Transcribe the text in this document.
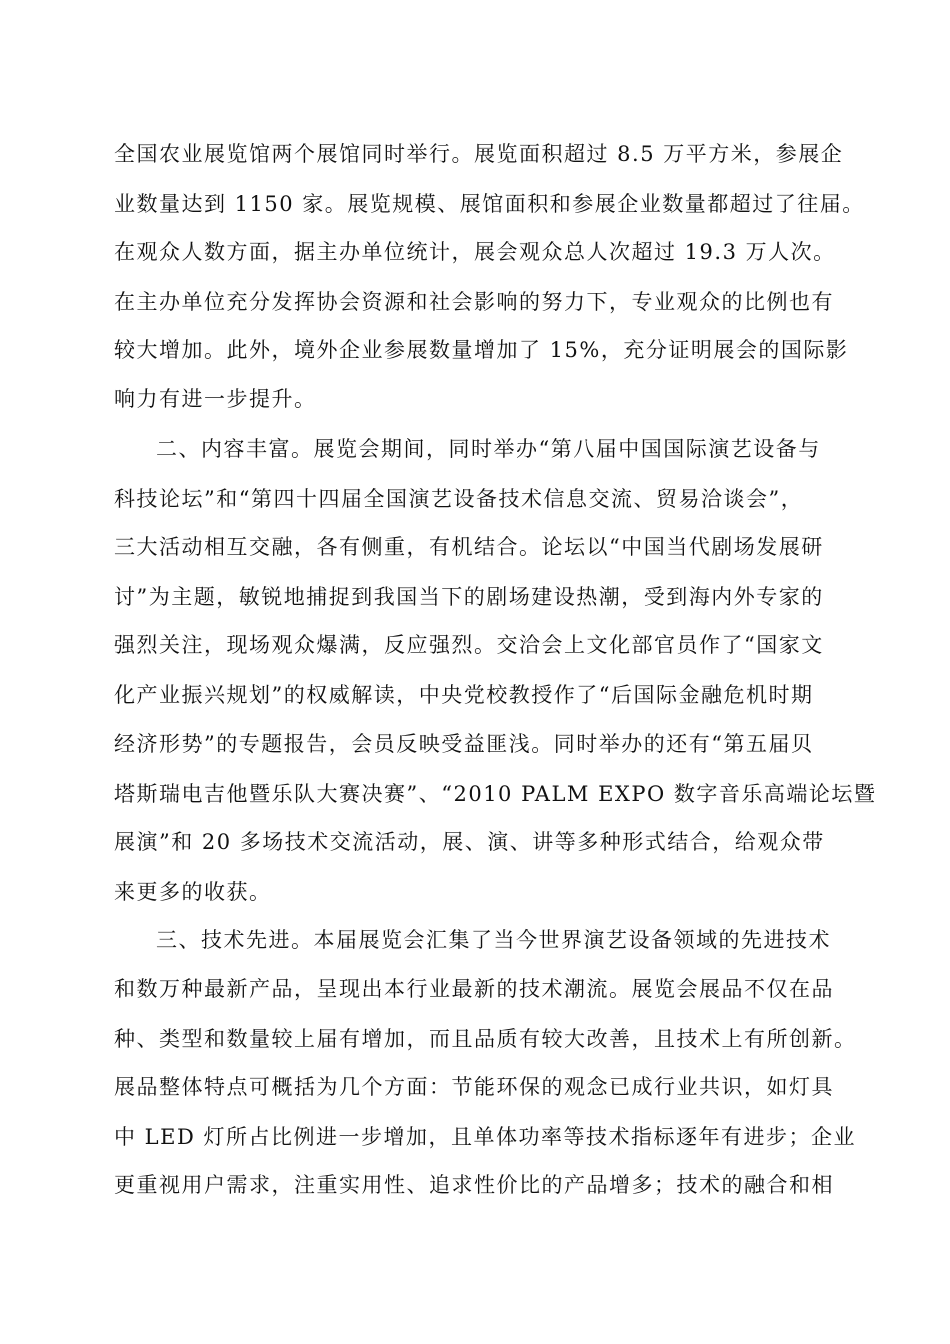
全国农业展览馆两个展馆同时举行。展览面积超过 8.5 万平方米，参展企
业数量达到 1150 家。展览规模、展馆面积和参展企业数量都超过了往届。
在观众人数方面，据主办单位统计，展会观众总人次超过 19.3 万人次。
在主办单位充分发挥协会资源和社会影响的努力下，专业观众的比例也有
较大增加。此外，境外企业参展数量增加了 15%，充分证明展会的国际影
响力有进一步提升。
二、内容丰富。展览会期间，同时举办“第八届中国国际演艺设备与
科技论坛”和“第四十四届全国演艺设备技术信息交流、贸易洽谈会”，
三大活动相互交融，各有侧重，有机结合。论坛以“中国当代剧场发展研
讨”为主题，敏锐地捕捉到我国当下的剧场建设热潮，受到海内外专家的
强烈关注，现场观众爆满，反应强烈。交洽会上文化部官员作了“国家文
化产业振兴规划”的权威解读，中央党校教授作了“后国际金融危机时期
经济形势”的专题报告，会员反映受益匪浅。同时举办的还有“第五届贝
塔斯瑞电吉他暨乐队大赛决赛”、“2010 PALM EXPO 数字音乐高端论坛暨
展演”和 20 多场技术交流活动，展、演、讲等多种形式结合，给观众带
来更多的收获。
三、技术先进。本届展览会汇集了当今世界演艺设备领域的先进技术
和数万种最新产品，呈现出本行业最新的技术潮流。展览会展品不仅在品
种、类型和数量较上届有增加，而且品质有较大改善，且技术上有所创新。
展品整体特点可概括为几个方面：节能环保的观念已成行业共识，如灯具
中 LED 灯所占比例进一步增加，且单体功率等技术指标逐年有进步；企业
更重视用户需求，注重实用性、追求性价比的产品增多；技术的融合和相
